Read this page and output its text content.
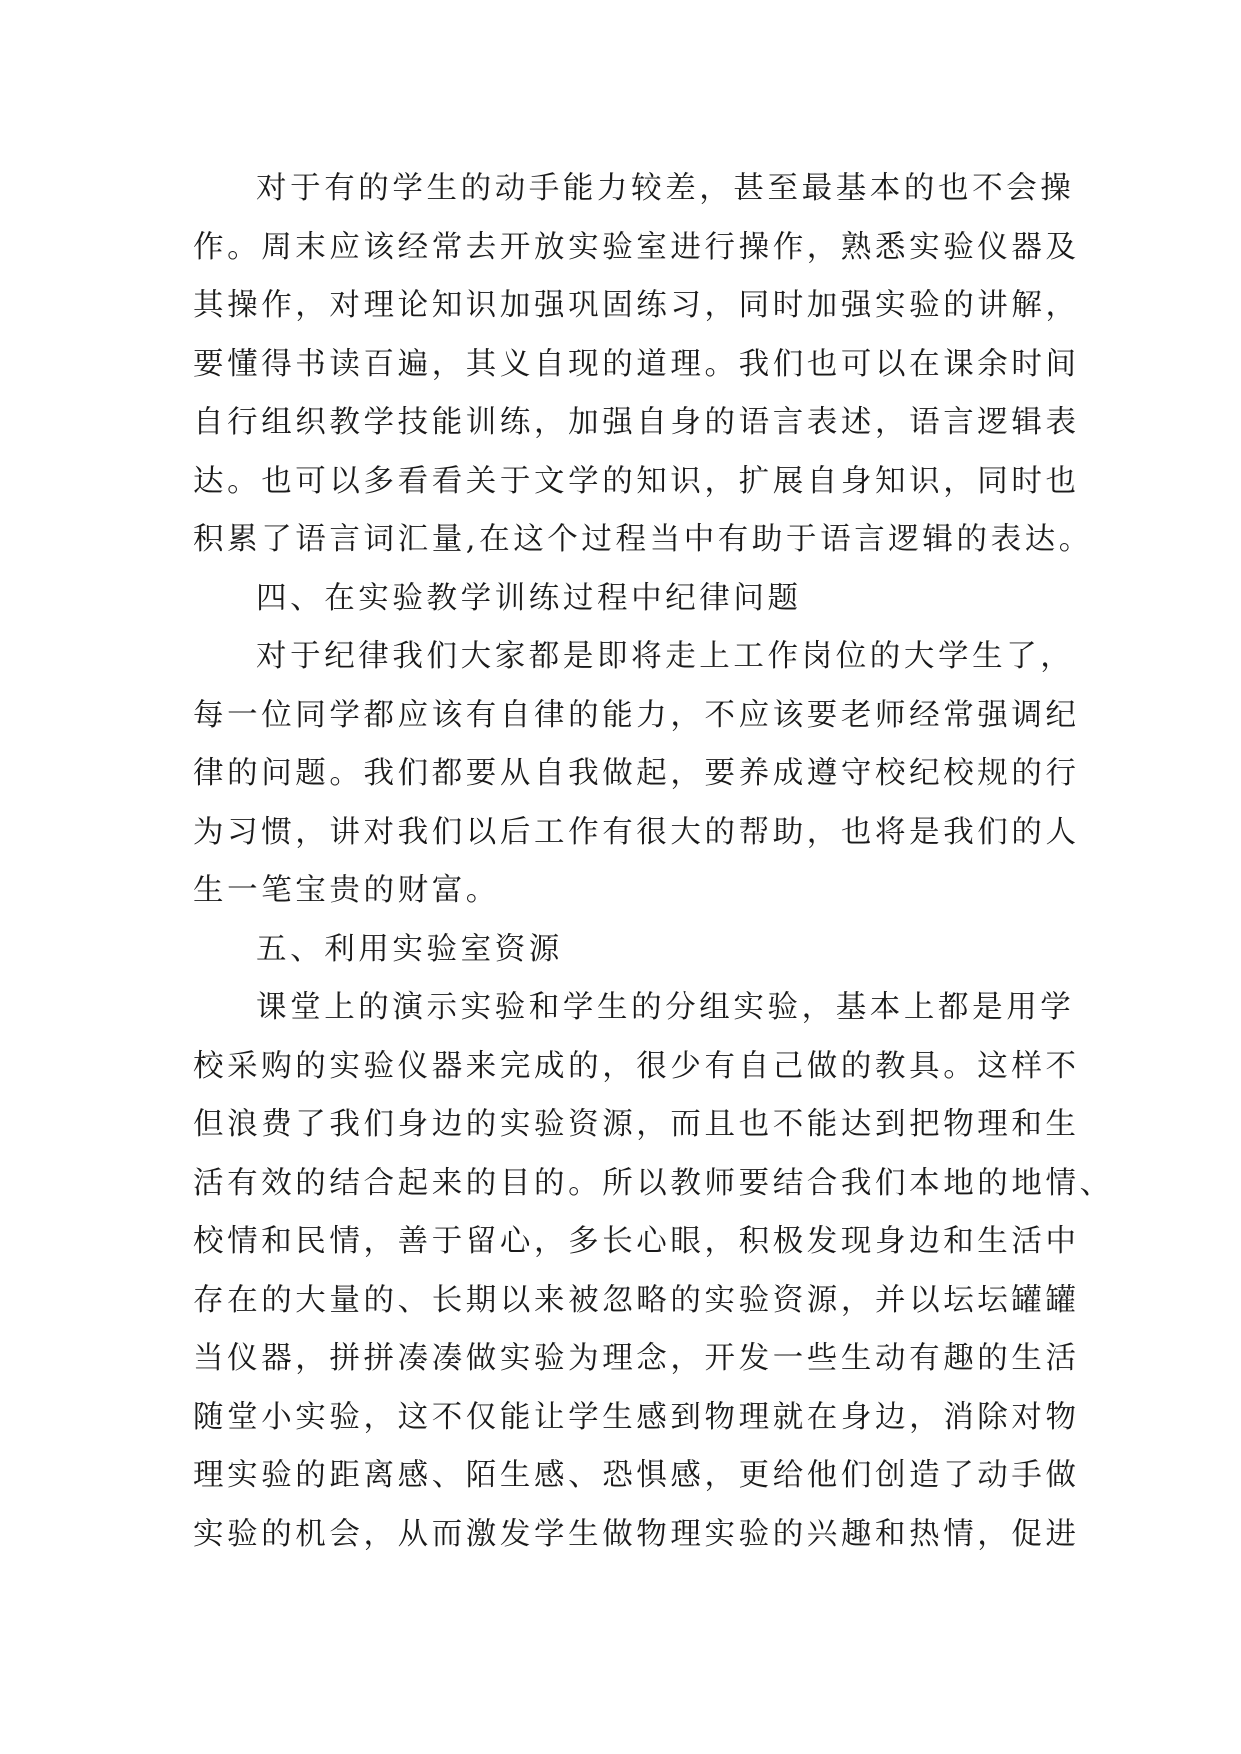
对于有的学生的动手能力较差，甚至最基本的也不会操
作。周末应该经常去开放实验室进行操作，熟悉实验仪器及
其操作，对理论知识加强巩固练习，同时加强实验的讲解，
要懂得书读百遍，其义自现的道理。我们也可以在课余时间
自行组织教学技能训练，加强自身的语言表述，语言逻辑表
达。也可以多看看关于文学的知识，扩展自身知识，同时也
积累了语言词汇量,在这个过程当中有助于语言逻辑的表达。
四、在实验教学训练过程中纪律问题
对于纪律我们大家都是即将走上工作岗位的大学生了，
每一位同学都应该有自律的能力，不应该要老师经常强调纪
律的问题。我们都要从自我做起，要养成遵守校纪校规的行
为习惯，讲对我们以后工作有很大的帮助，也将是我们的人
生一笔宝贵的财富。
五、利用实验室资源
课堂上的演示实验和学生的分组实验，基本上都是用学
校采购的实验仪器来完成的，很少有自己做的教具。这样不
但浪费了我们身边的实验资源，而且也不能达到把物理和生
活有效的结合起来的目的。所以教师要结合我们本地的地情、
校情和民情，善于留心，多长心眼，积极发现身边和生活中
存在的大量的、长期以来被忽略的实验资源，并以坛坛罐罐
当仪器，拼拼凑凑做实验为理念，开发一些生动有趣的生活
随堂小实验，这不仅能让学生感到物理就在身边，消除对物
理实验的距离感、陌生感、恐惧感，更给他们创造了动手做
实验的机会，从而激发学生做物理实验的兴趣和热情，促进
